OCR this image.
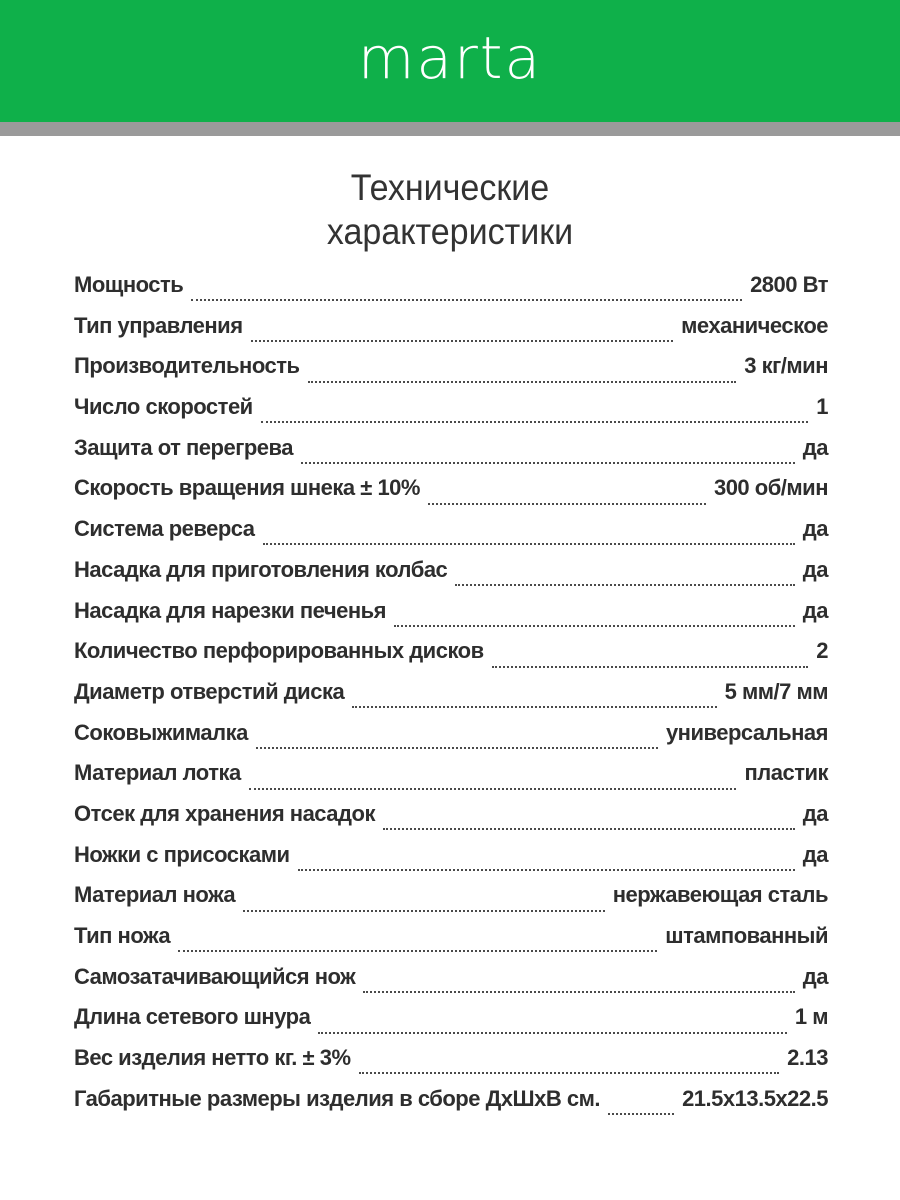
marta
Технические
характеристики
Мощность	2800 Вт
Тип управления	механическое
Производительность	3 кг/мин
Число скоростей	1
Защита от перегрева	да
Скорость вращения шнека ± 10%	300 об/мин
Система реверса	да
Насадка для приготовления колбас	да
Насадка для нарезки печенья	да
Количество перфорированных дисков	2
Диаметр отверстий диска	5 мм/7 мм
Соковыжималка	универсальная
Материал лотка	пластик
Отсек для хранения насадок	да
Ножки с присосками	да
Материал ножа	нержавеющая сталь
Тип ножа	штампованный
Самозатачивающийся нож	да
Длина сетевого шнура	1 м
Вес изделия нетто кг. ± 3%	2.13
Габаритные размеры изделия в сборе ДхШхВ см.	21.5x13.5x22.5
